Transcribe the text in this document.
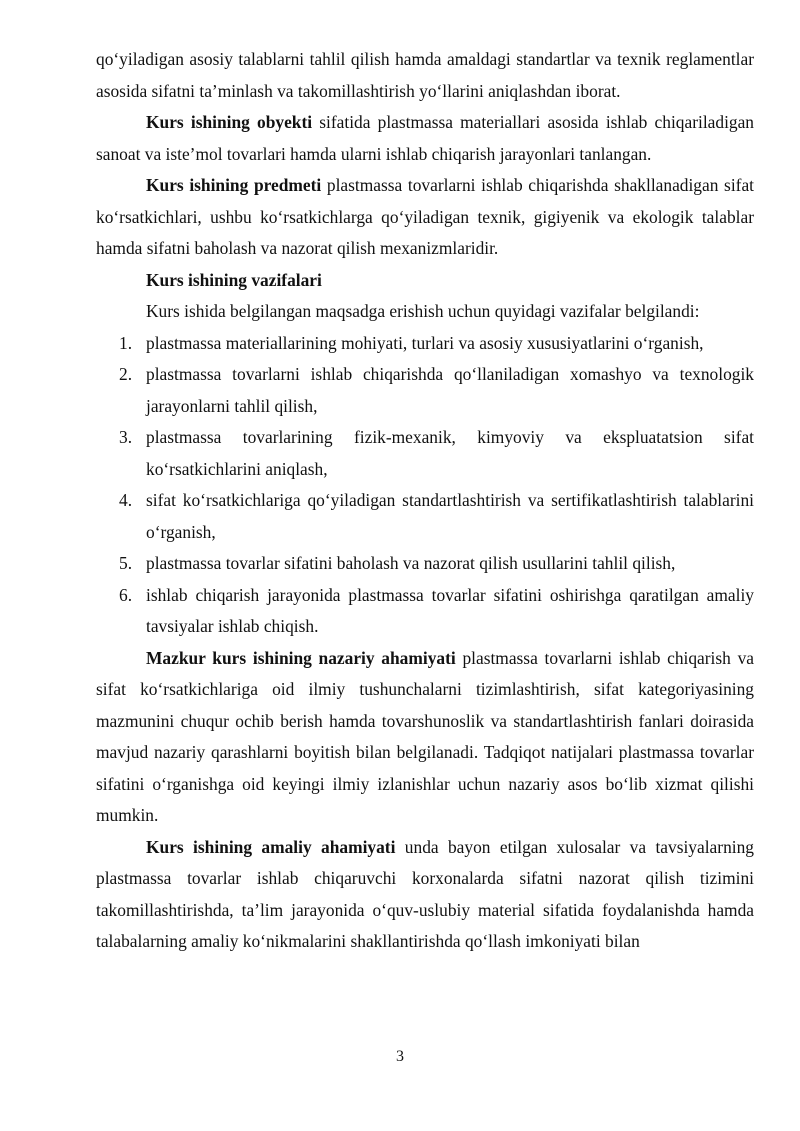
qo‘yiladigan asosiy talablarni tahlil qilish hamda amaldagi standartlar va texnik reglamentlar asosida sifatni ta’minlash va takomillashtirish yo‘llarini aniqlashdan iborat.

Kurs ishining obyekti sifatida plastmassa materiallari asosida ishlab chiqariladigan sanoat va iste’mol tovarlari hamda ularni ishlab chiqarish jarayonlari tanlangan.

Kurs ishining predmeti plastmassa tovarlarni ishlab chiqarishda shakllanadigan sifat ko‘rsatkichlari, ushbu ko‘rsatkichlarga qo‘yiladigan texnik, gigiyenik va ekologik talablar hamda sifatni baholash va nazorat qilish mexanizmlaridir.

Kurs ishining vazifalari

Kurs ishida belgilangan maqsadga erishish uchun quyidagi vazifalar belgilandi:

1. plastmassa materiallarining mohiyati, turlari va asosiy xususiyatlarini o‘rganish,
2. plastmassa tovarlarni ishlab chiqarishda qo‘llaniladigan xomashyo va texnologik jarayonlarni tahlil qilish,
3. plastmassa tovarlarining fizik-mexanik, kimyoviy va ekspluatatsion sifat ko‘rsatkichlarini aniqlash,
4. sifat ko‘rsatkichlariga qo‘yiladigan standartlashtirish va sertifikatlashtirish talablarini o‘rganish,
5. plastmassa tovarlar sifatini baholash va nazorat qilish usullarini tahlil qilish,
6. ishlab chiqarish jarayonida plastmassa tovarlar sifatini oshirishga qaratilgan amaliy tavsiyalar ishlab chiqish.

Mazkur kurs ishining nazariy ahamiyati plastmassa tovarlarni ishlab chiqarish va sifat ko‘rsatkichlariga oid ilmiy tushunchalarni tizimlashtirish, sifat kategoriyasining mazmunini chuqur ochib berish hamda tovarshunoslik va standartlashtirish fanlari doirasida mavjud nazariy qarashlarni boyitish bilan belgilanadi. Tadqiqot natijalari plastmassa tovarlar sifatini o‘rganishga oid keyingi ilmiy izlanishlar uchun nazariy asos bo‘lib xizmat qilishi mumkin.

Kurs ishining amaliy ahamiyati unda bayon etilgan xulosalar va tavsiyalarning plastmassa tovarlar ishlab chiqaruvchi korxonalarda sifatni nazorat qilish tizimini takomillashtirishda, ta’lim jarayonida o‘quv-uslubiy material sifatida foydalanishda hamda talabalarning amaliy ko‘nikmalarini shakllantirishda qo‘llash imkoniyati bilan

3
